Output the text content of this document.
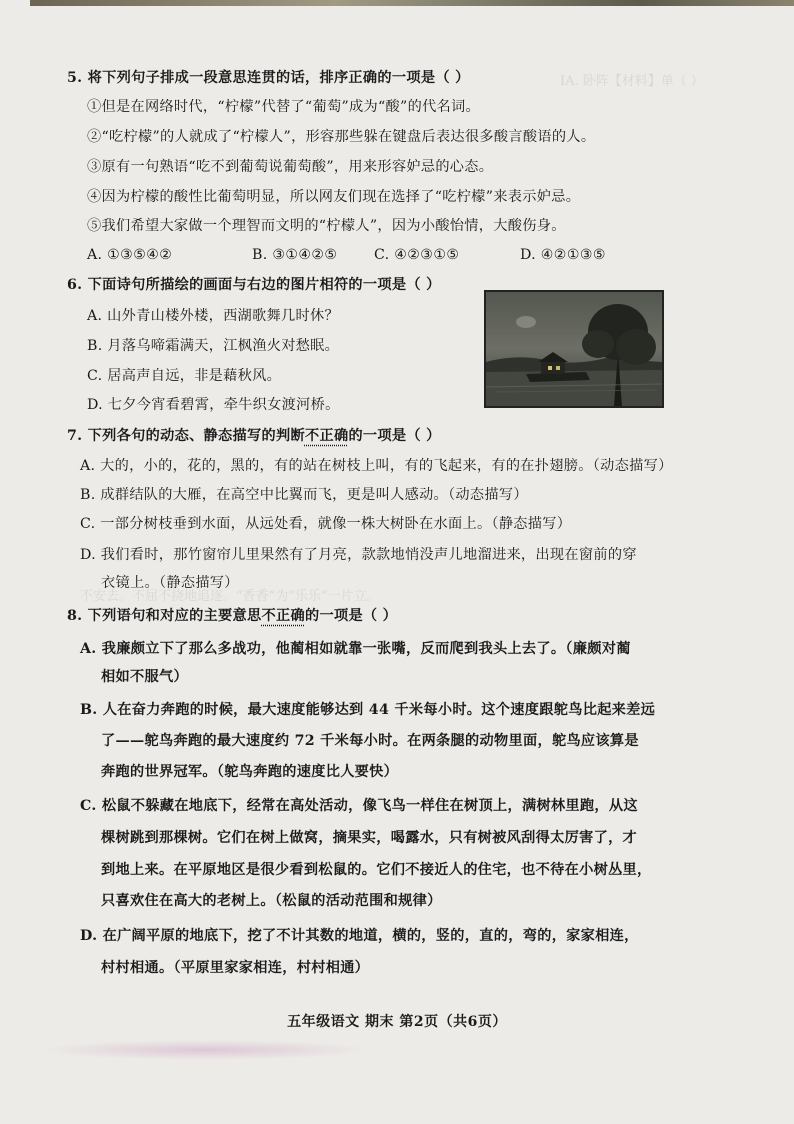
IA. 卧阵【材料】单（ ）
不安去。不屈不挠地追逐。“香香”为“乐乐”一片立。
5. 将下列句子排成一段意思连贯的话，排序正确的一项是（ ）
①但是在网络时代，“柠檬”代替了“葡萄”成为“酸”的代名词。
②“吃柠檬”的人就成了“柠檬人”，形容那些躲在键盘后表达很多酸言酸语的人。
③原有一句熟语“吃不到葡萄说葡萄酸”，用来形容妒忌的心态。
④因为柠檬的酸性比葡萄明显，所以网友们现在选择了“吃柠檬”来表示妒忌。
⑤我们希望大家做一个理智而文明的“柠檬人”，因为小酸怡情，大酸伤身。
A. ①③⑤④②	B. ③①④②⑤	C. ④②③①⑤	D. ④②①③⑤
6. 下面诗句所描绘的画面与右边的图片相符的一项是（ ）
A. 山外青山楼外楼，西湖歌舞几时休？
B. 月落乌啼霜满天，江枫渔火对愁眠。
C. 居高声自远，非是藉秋风。
D. 七夕今宵看碧霄，牵牛织女渡河桥。
7. 下列各句的动态、静态描写的判断不正确的一项是（ ）
A. 大的，小的，花的，黑的，有的站在树枝上叫，有的飞起来，有的在扑翅膀。（动态描写）
B. 成群结队的大雁，在高空中比翼而飞，更是叫人感动。（动态描写）
C. 一部分树枝垂到水面，从远处看，就像一株大树卧在水面上。（静态描写）
D. 我们看时，那竹窗帘儿里果然有了月亮，款款地悄没声儿地溜进来，出现在窗前的穿
衣镜上。（静态描写）
8. 下列语句和对应的主要意思不正确的一项是（ ）
A. 我廉颇立下了那么多战功，他蔺相如就靠一张嘴，反而爬到我头上去了。（廉颇对蔺
相如不服气）
B. 人在奋力奔跑的时候，最大速度能够达到 44 千米每小时。这个速度跟鸵鸟比起来差远
了——鸵鸟奔跑的最大速度约 72 千米每小时。在两条腿的动物里面，鸵鸟应该算是
奔跑的世界冠军。（鸵鸟奔跑的速度比人要快）
C. 松鼠不躲藏在地底下，经常在高处活动，像飞鸟一样住在树顶上，满树林里跑，从这
棵树跳到那棵树。它们在树上做窝，摘果实，喝露水，只有树被风刮得太厉害了，才
到地上来。在平原地区是很少看到松鼠的。它们不接近人的住宅，也不待在小树丛里，
只喜欢住在高大的老树上。（松鼠的活动范围和规律）
D. 在广阔平原的地底下，挖了不计其数的地道，横的，竖的，直的，弯的，家家相连，
村村相通。（平原里家家相连，村村相通）
五年级语文 期末 第2页（共6页）
